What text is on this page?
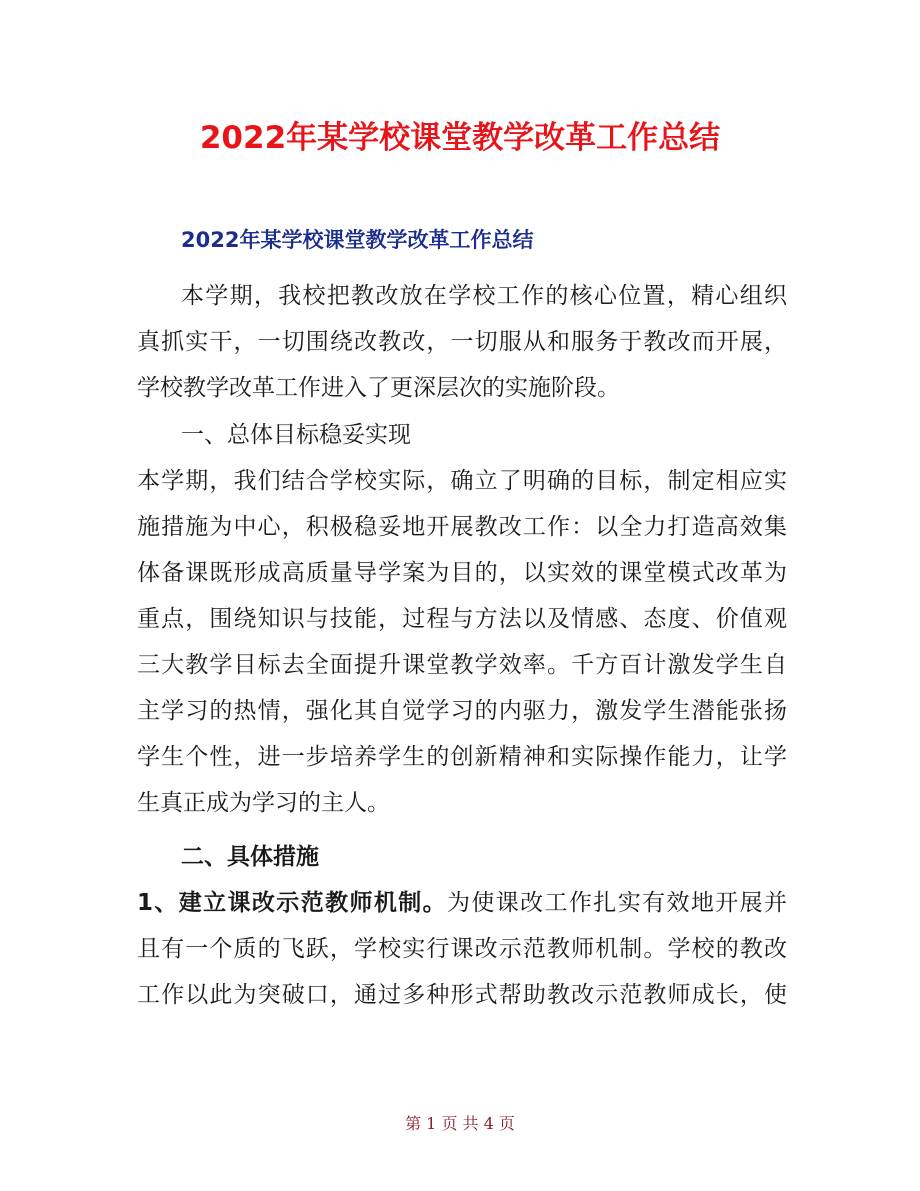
2022年某学校课堂教学改革工作总结
2022年某学校课堂教学改革工作总结
本学期，我校把教改放在学校工作的核心位置，精心组织
真抓实干，一切围绕改教改，一切服从和服务于教改而开展，
学校教学改革工作进入了更深层次的实施阶段。
一、总体目标稳妥实现
本学期，我们结合学校实际，确立了明确的目标，制定相应实
施措施为中心，积极稳妥地开展教改工作：以全力打造高效集
体备课既形成高质量导学案为目的，以实效的课堂模式改革为
重点，围绕知识与技能，过程与方法以及情感、态度、价值观
三大教学目标去全面提升课堂教学效率。千方百计激发学生自
主学习的热情，强化其自觉学习的内驱力，激发学生潜能张扬
学生个性，进一步培养学生的创新精神和实际操作能力，让学
生真正成为学习的主人。
二、具体措施
1、建立课改示范教师机制。为使课改工作扎实有效地开展并
且有一个质的飞跃，学校实行课改示范教师机制。学校的教改
工作以此为突破口，通过多种形式帮助教改示范教师成长，使
第 1 页 共 4 页
